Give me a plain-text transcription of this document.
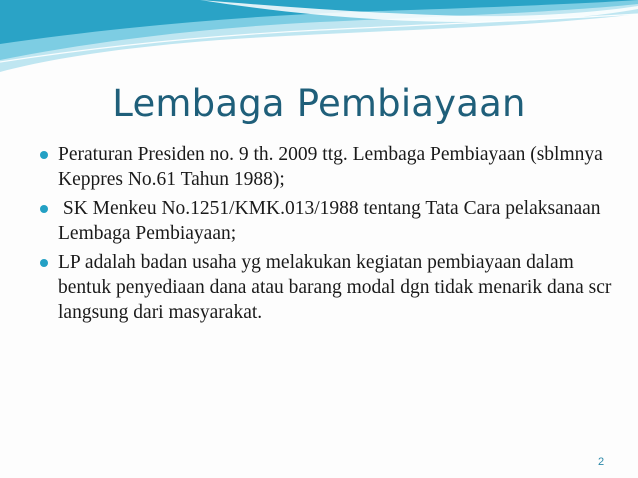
Lembaga Pembiayaan
Peraturan Presiden no. 9 th. 2009 ttg. Lembaga Pembiayaan (sblmnya Keppres No.61 Tahun 1988);
SK Menkeu No.1251/KMK.013/1988 tentang Tata Cara pelaksanaan Lembaga Pembiayaan;
LP adalah badan usaha yg melakukan kegiatan pembiayaan dalam bentuk penyediaan dana atau barang modal dgn tidak menarik dana scr langsung dari masyarakat.
2
